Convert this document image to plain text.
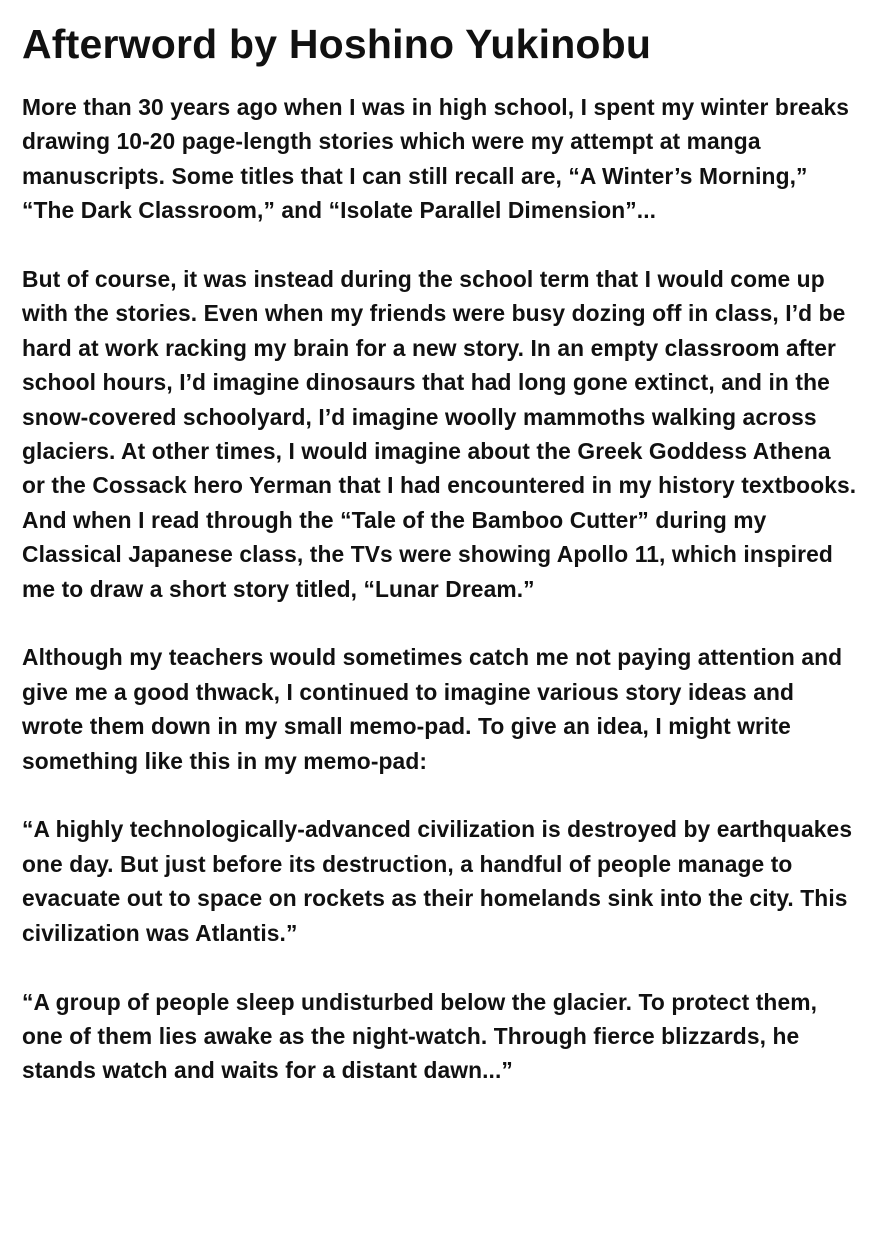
Afterword by Hoshino Yukinobu

More than 30 years ago when I was in high school, I spent my winter breaks drawing 10-20 page-length stories which were my attempt at manga manuscripts. Some titles that I can still recall are, “A Winter’s Morning,” “The Dark Classroom,” and “Isolate Parallel Dimension”...

But of course, it was instead during the school term that I would come up with the stories. Even when my friends were busy dozing off in class, I’d be hard at work racking my brain for a new story. In an empty classroom after school hours, I’d imagine dinosaurs that had long gone extinct, and in the snow-covered schoolyard, I’d imagine woolly mammoths walking across glaciers. At other times, I would imagine about the Greek Goddess Athena or the Cossack hero Yerman that I had encountered in my history textbooks. And when I read through the “Tale of the Bamboo Cutter” during my Classical Japanese class, the TVs were showing Apollo 11, which inspired me to draw a short story titled, “Lunar Dream.”

Although my teachers would sometimes catch me not paying attention and give me a good thwack, I continued to imagine various story ideas and wrote them down in my small memo-pad. To give an idea, I might write something like this in my memo-pad:

“A highly technologically-advanced civilization is destroyed by earthquakes one day. But just before its destruction, a handful of people manage to evacuate out to space on rockets as their homelands sink into the city. This civilization was Atlantis.”

“A group of people sleep undisturbed below the glacier. To protect them, one of them lies awake as the night-watch. Through fierce blizzards, he stands watch and waits for a distant dawn...”
